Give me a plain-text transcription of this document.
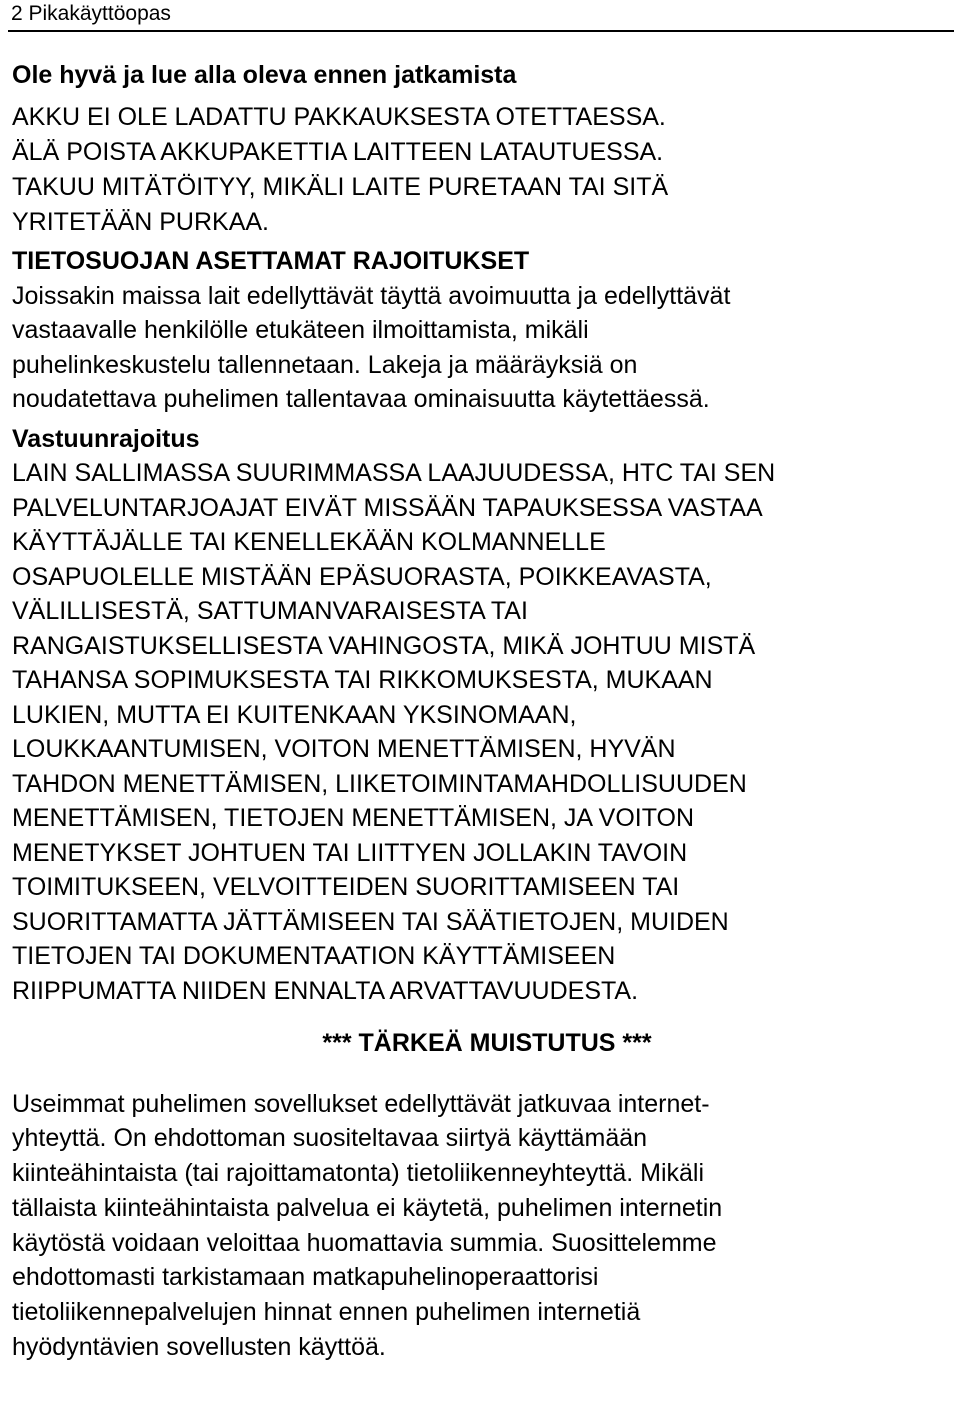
2 Pikakäyttöopas
Ole hyvä ja lue alla oleva ennen jatkamista
AKKU EI OLE LADATTU PAKKAUKSESTA OTETTAESSA.
ÄLÄ POISTA AKKUPAKETTIA LAITTEEN LATAUTUESSA.
TAKUU MITÄTÖITYY, MIKÄLI LAITE PURETAAN TAI SITÄ
YRITETÄÄN PURKAA.
TIETOSUOJAN ASETTAMAT RAJOITUKSET
Joissakin maissa lait edellyttävät täyttä avoimuutta ja edellyttävät
vastaavalle henkilölle etukäteen ilmoittamista, mikäli
puhelinkeskustelu tallennetaan. Lakeja ja määräyksiä on
noudatettava puhelimen tallentavaa ominaisuutta käytettäessä.
Vastuunrajoitus
LAIN SALLIMASSA SUURIMMASSA LAAJUUDESSA, HTC TAI SEN
PALVELUNTARJOAJAT EIVÄT MISSÄÄN TAPAUKSESSA VASTAA
KÄYTTÄJÄLLE TAI KENELLEKÄÄN KOLMANNELLE
OSAPUOLELLE MISTÄÄN EPÄSUORASTA, POIKKEAVASTA,
VÄLILLISESTÄ, SATTUMANVARAISESTA TAI
RANGAISTUKSELLISESTA VAHINGOSTA, MIKÄ JOHTUU MISTÄ
TAHANSA SOPIMUKSESTA TAI RIKKOMUKSESTA, MUKAAN
LUKIEN, MUTTA EI KUITENKAAN YKSINOMAAN,
LOUKKAANTUMISEN, VOITON MENETTÄMISEN, HYVÄN
TAHDON MENETTÄMISEN, LIIKETOIMINTAMAHDOLLISUUDEN
MENETTÄMISEN, TIETOJEN MENETTÄMISEN, JA VOITON
MENETYKSET JOHTUEN TAI LIITTYEN JOLLAKIN TAVOIN
TOIMITUKSEEN, VELVOITTEIDEN SUORITTAMISEEN TAI
SUORITTAMATTA JÄTTÄMISEEN TAI SÄÄTIETOJEN, MUIDEN
TIETOJEN TAI DOKUMENTAATION KÄYTTÄMISEEN
RIIPPUMATTA NIIDEN ENNALTA ARVATTAVUUDESTA.
*** TÄRKEÄ MUISTUTUS ***
Useimmat puhelimen sovellukset edellyttävät jatkuvaa internet-
yhteyttä. On ehdottoman suositeltavaa siirtyä käyttämään
kiinteähintaista (tai rajoittamatonta) tietoliikenneyhteyttä. Mikäli
tällaista kiinteähintaista palvelua ei käytetä, puhelimen internetin
käytöstä voidaan veloittaa huomattavia summia. Suosittelemme
ehdottomasti tarkistamaan matkapuhelinoperaattorisi
tietoliikennepalvelujen hinnat ennen puhelimen internetiä
hyödyntävien sovellusten käyttöä.
